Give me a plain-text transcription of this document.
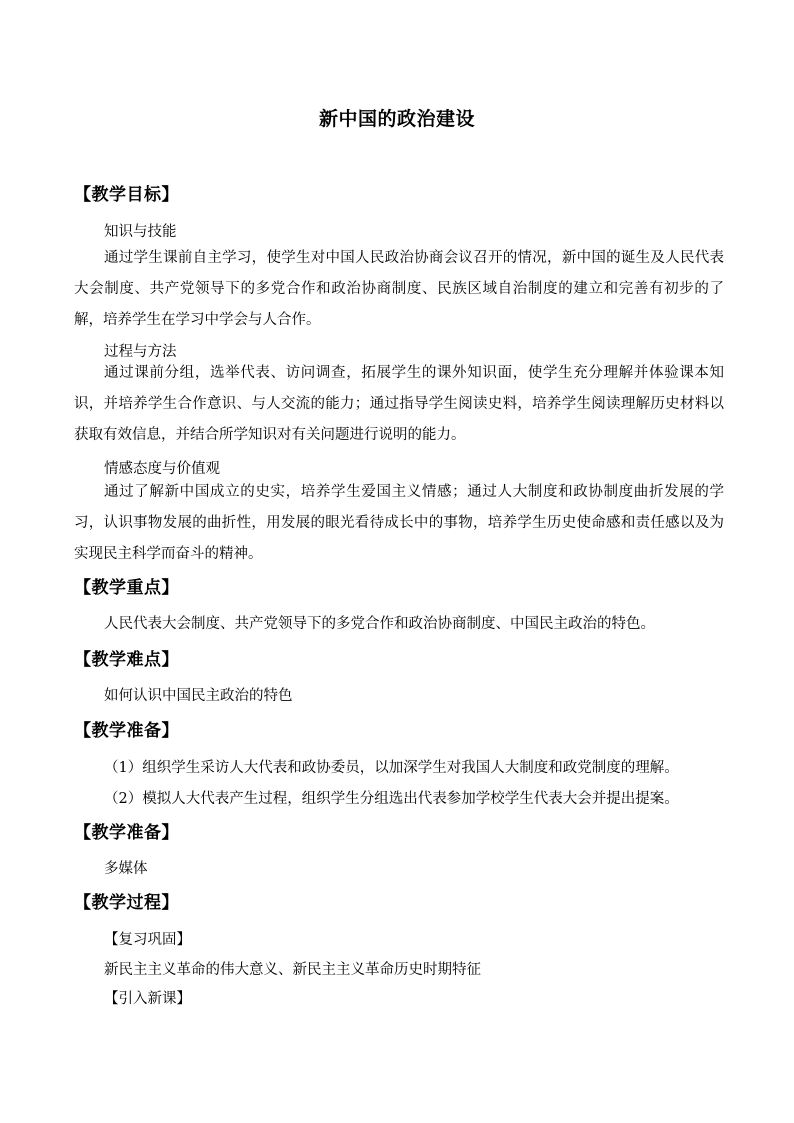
新中国的政治建设
【教学目标】
知识与技能
通过学生课前自主学习，使学生对中国人民政治协商会议召开的情况，新中国的诞生及人民代表大会制度、共产党领导下的多党合作和政治协商制度、民族区域自治制度的建立和完善有初步的了解，培养学生在学习中学会与人合作。
过程与方法
通过课前分组，选举代表、访问调查，拓展学生的课外知识面，使学生充分理解并体验课本知识，并培养学生合作意识、与人交流的能力；通过指导学生阅读史料，培养学生阅读理解历史材料以获取有效信息，并结合所学知识对有关问题进行说明的能力。
情感态度与价值观
通过了解新中国成立的史实，培养学生爱国主义情感；通过人大制度和政协制度曲折发展的学习，认识事物发展的曲折性，用发展的眼光看待成长中的事物，培养学生历史使命感和责任感以及为实现民主科学而奋斗的精神。
【教学重点】
人民代表大会制度、共产党领导下的多党合作和政治协商制度、中国民主政治的特色。
【教学难点】
如何认识中国民主政治的特色
【教学准备】
（1）组织学生采访人大代表和政协委员，以加深学生对我国人大制度和政党制度的理解。
（2）模拟人大代表产生过程，组织学生分组选出代表参加学校学生代表大会并提出提案。
【教学准备】
多媒体
【教学过程】
【复习巩固】
新民主主义革命的伟大意义、新民主主义革命历史时期特征
【引入新课】
